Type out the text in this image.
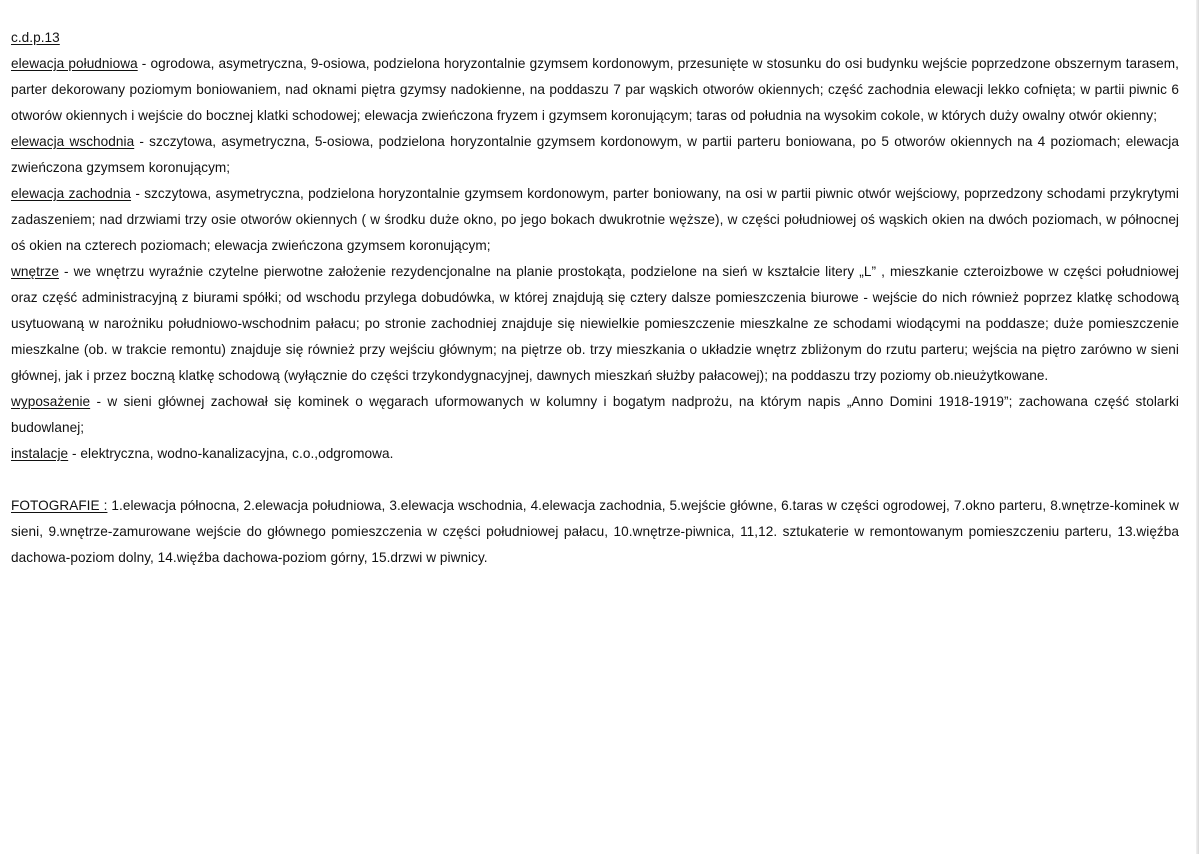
c.d.p.13

elewacja południowa - ogrodowa, asymetryczna, 9-osiowa, podzielona horyzontalnie gzymsem kordonowym, przesunięte w stosunku do osi budynku wejście poprzedzone obszernym tarasem, parter dekorowany poziomym boniowaniem, nad oknami piętra gzymsy nadokienne, na poddaszu 7 par wąskich otworów okiennych; część zachodnia elewacji lekko cofnięta; w partii piwnic 6 otworów okiennych i wejście do bocznej klatki schodowej; elewacja zwieńczona fryzem i gzymsem koronującym; taras od południa na wysokim cokole, w których duży owalny otwór okienny;

elewacja wschodnia - szczytowa, asymetryczna, 5-osiowa, podzielona horyzontalnie gzymsem kordonowym, w partii parteru boniowana, po 5 otworów okiennych na 4 poziomach; elewacja zwieńczona gzymsem koronującym;

elewacja zachodnia - szczytowa, asymetryczna, podzielona horyzontalnie gzymsem kordonowym, parter boniowany, na osi w partii piwnic otwór wejściowy, poprzedzony schodami przykrytymi zadaszeniem; nad drzwiami trzy osie otworów okiennych ( w środku duże okno, po jego bokach dwukrotnie węższe), w części południowej oś wąskich okien na dwóch poziomach, w północnej oś okien na czterech poziomach; elewacja zwieńczona gzymsem koronującym;

wnętrze - we wnętrzu wyraźnie czytelne pierwotne założenie rezydencjonalne na planie prostokąta, podzielone na sień w kształcie litery „L” , mieszkanie czteroizbowe w części południowej oraz część administracyjną z biurami spółki; od wschodu przylega dobudówka, w której znajdują się cztery dalsze pomieszczenia biurowe - wejście do nich również poprzez klatkę schodową usytuowaną w narożniku południowo-wschodnim pałacu; po stronie zachodniej znajduje się niewielkie pomieszczenie mieszkalne ze schodami wiodącymi na poddasze; duże pomieszczenie mieszkalne (ob. w trakcie remontu) znajduje się również przy wejściu głównym; na piętrze ob. trzy mieszkania o układzie wnętrz zbliżonym do rzutu parteru; wejścia na piętro zarówno w sieni głównej, jak i przez boczną klatkę schodową (wyłącznie do części trzykondygnacyjnej, dawnych mieszkań służby pałacowej); na poddaszu trzy poziomy ob.nieużytkowane.

wyposażenie - w sieni głównej zachował się kominek o węgarach uformowanych w kolumny i bogatym nadprożu, na którym napis „Anno Domini 1918-1919”; zachowana część stolarki budowlanej;

instalacje - elektryczna, wodno-kanalizacyjna, c.o.,odgromowa.

FOTOGRAFIE : 1.elewacja północna, 2.elewacja południowa, 3.elewacja wschodnia, 4.elewacja zachodnia, 5.wejście główne, 6.taras w części ogrodowej, 7.okno parteru, 8.wnętrze-kominek w sieni, 9.wnętrze-zamurowane wejście do głównego pomieszczenia w części południowej pałacu, 10.wnętrze-piwnica, 11,12. sztukaterie w remontowanym pomieszczeniu parteru, 13.więźba dachowa-poziom dolny, 14.więźba dachowa-poziom górny, 15.drzwi w piwnicy.
